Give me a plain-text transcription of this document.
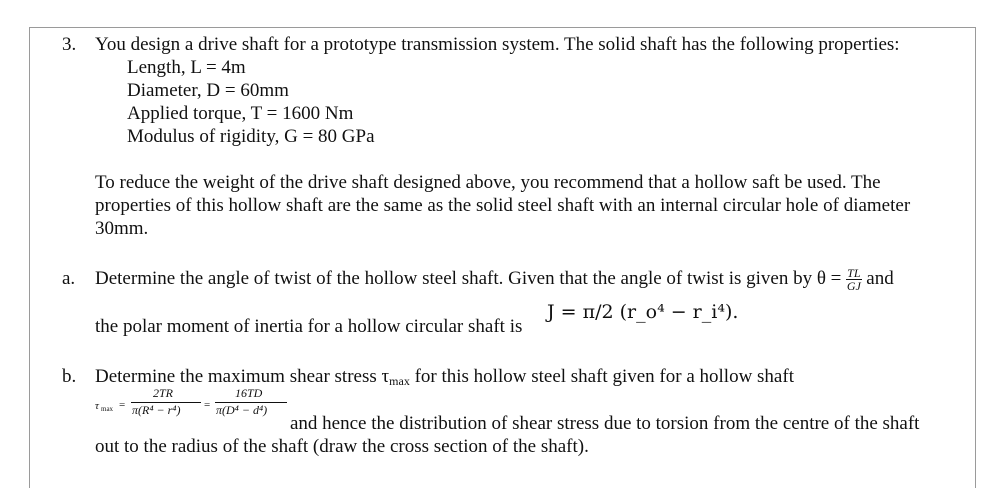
3. You design a drive shaft for a prototype transmission system. The solid shaft has the following properties:
Length, L = 4m
Diameter, D = 60mm
Applied torque, T = 1600 Nm
Modulus of rigidity, G = 80 GPa
To reduce the weight of the drive shaft designed above, you recommend that a hollow saft be used. The
properties of this hollow shaft are the same as the solid steel shaft with an internal circular hole of diameter
30mm.
a. Determine the angle of twist of the hollow steel shaft. Given that the angle of twist is given by $\theta = \frac{TL}{GJ}$ and
the polar moment of inertia for a hollow circular shaft is
J = π/2 (r_o⁴ − r_i⁴).
b. Determine the maximum shear stress τmax for this hollow steel shaft given for a hollow shaft
τ max =
2TR
π(R⁴ − r⁴) =
16TD
π(D⁴ − d⁴)
and hence the distribution of shear stress due to torsion from the centre of the shaft
out to the radius of the shaft (draw the cross section of the shaft).
